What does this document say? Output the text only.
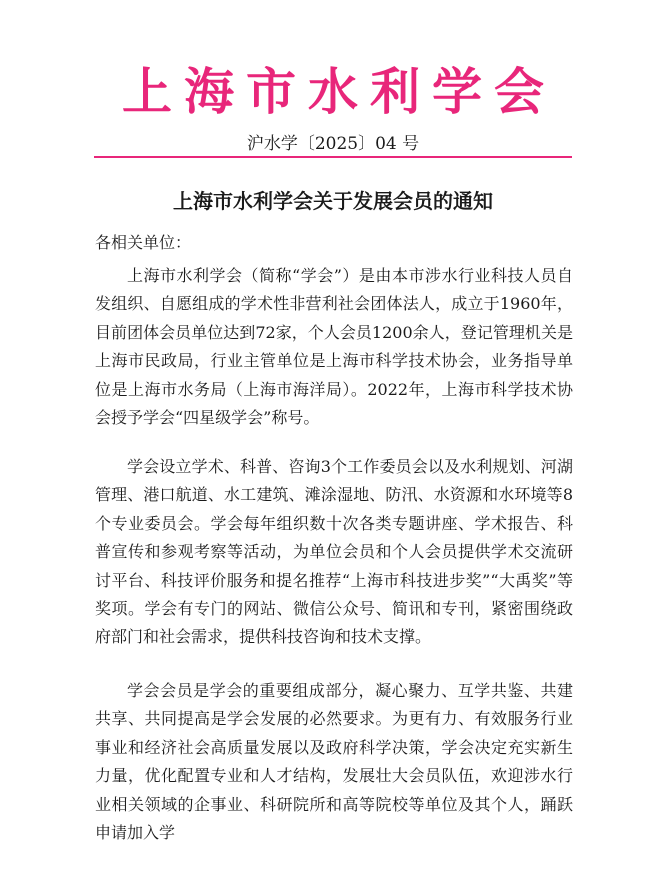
上海市水利学会
沪水学〔2025〕04 号
上海市水利学会关于发展会员的通知
各相关单位：
上海市水利学会（简称“学会”）是由本市涉水行业科技人员自发组织、自愿组成的学术性非营利社会团体法人，成立于1960年，目前团体会员单位达到72家，个人会员1200余人，登记管理机关是上海市民政局，行业主管单位是上海市科学技术协会，业务指导单位是上海市水务局（上海市海洋局）。2022年，上海市科学技术协会授予学会“四星级学会”称号。
学会设立学术、科普、咨询3个工作委员会以及水利规划、河湖管理、港口航道、水工建筑、滩涂湿地、防汛、水资源和水环境等8个专业委员会。学会每年组织数十次各类专题讲座、学术报告、科普宣传和参观考察等活动，为单位会员和个人会员提供学术交流研讨平台、科技评价服务和提名推荐“上海市科技进步奖”“大禹奖”等奖项。学会有专门的网站、微信公众号、简讯和专刊，紧密围绕政府部门和社会需求，提供科技咨询和技术支撑。
学会会员是学会的重要组成部分，凝心聚力、互学共鉴、共建共享、共同提高是学会发展的必然要求。为更有力、有效服务行业事业和经济社会高质量发展以及政府科学决策，学会决定充实新生力量，优化配置专业和人才结构，发展壮大会员队伍，欢迎涉水行业相关领域的企事业、科研院所和高等院校等单位及其个人，踊跃申请加入学
